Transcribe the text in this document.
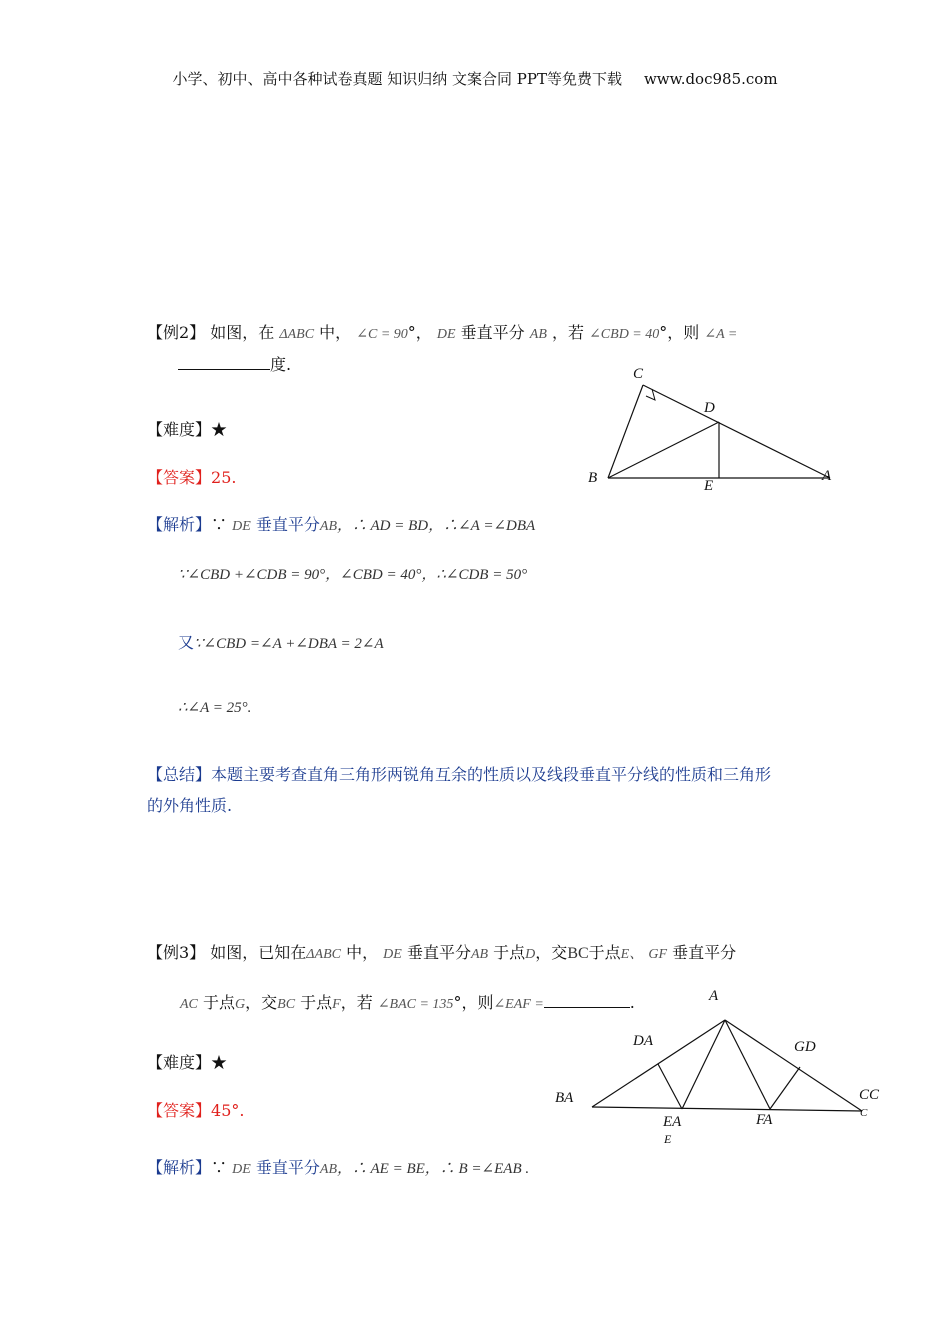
小学、初中、高中各种试卷真题 知识归纳 文案合同 PPT等免费下载 www.doc985.com
【例2】 如图，在 ΔABC 中， ∠C = 90°， DE 垂直平分 AB ，若 ∠CBD = 40°，则 ∠A =
度.
【难度】★
【答案】25.
【解析】∵ DE 垂直平分AB，∴ AD = BD，∴∠A =∠DBA
∵∠CBD +∠CDB = 90°，∠CBD = 40°，∴∠CDB = 50°
又∵∠CBD =∠A +∠DBA = 2∠A
∴∠A = 25°.
【总结】本题主要考查直角三角形两锐角互余的性质以及线段垂直平分线的性质和三角形
的外角性质.
C
D
B	E
A
【例3】 如图，已知在ΔABC 中， DE 垂直平分AB 于点D，交BC于点E、 GF 垂直平分
AC 于点G，交BC 于点F，若 ∠BAC = 135°，则∠EAF =	.
【难度】★
【答案】45°.
【解析】∵ DE 垂直平分AB，∴ AE = BE，∴ B =∠EAB .
A
DA	GD
BA	CC
EA
E
FA	C
